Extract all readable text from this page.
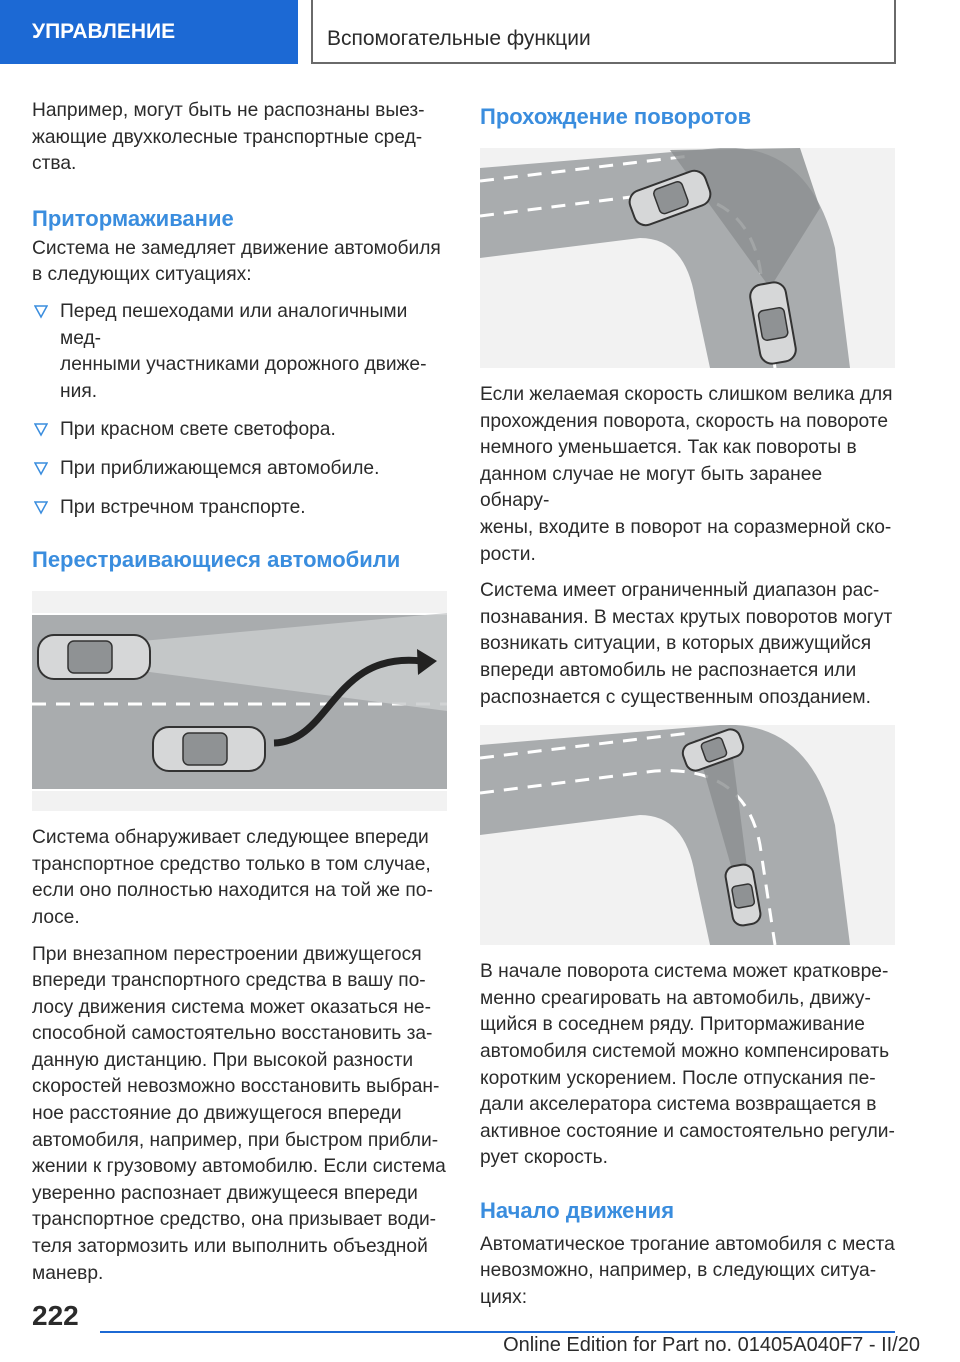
УПРАВЛЕНИЕ	Вспомогательные функции

Например, могут быть не распознаны выез-
жающие двухколесные транспортные сред-
ства.

Притормаживание

Система не замедляет движение автомобиля
в следующих ситуациях:

Перед пешеходами или аналогичными мед-
ленными участниками дорожного движе-
ния.
При красном свете светофора.
При приближающемся автомобиле.
При встречном транспорте.
Перестраивающиеся автомобили

Система обнаруживает следующее впереди
транспортное средство только в том случае,
если оно полностью находится на той же по-
лосе.

При внезапном перестроении движущегося
впереди транспортного средства в вашу по-
лосу движения система может оказаться не-
способной самостоятельно восстановить за-
данную дистанцию. При высокой разности
скоростей невозможно восстановить выбран-
ное расстояние до движущегося впереди
автомобиля, например, при быстром прибли-
жении к грузовому автомобилю. Если система
уверенно распознает движущееся впереди
транспортное средство, она призывает води-
теля затормозить или выполнить объездной
маневр.

Прохождение поворотов

Если желаемая скорость слишком велика для
прохождения поворота, скорость на повороте
немного уменьшается. Так как повороты в
данном случае не могут быть заранее обнару-
жены, входите в поворот на соразмерной ско-
рости.

Система имеет ограниченный диапазон рас-
познавания. В местах крутых поворотов могут
возникать ситуации, в которых движущийся
впереди автомобиль не распознается или
распознается с существенным опозданием.

В начале поворота система может кратковре-
менно среагировать на автомобиль, движу-
щийся в соседнем ряду. Притормаживание
автомобиля системой можно компенсировать
коротким ускорением. После отпускания пе-
дали акселератора система возвращается в
активное состояние и самостоятельно регули-
рует скорость.

Начало движения

Автоматическое трогание автомобиля с места
невозможно, например, в следующих ситуа-
циях:

222
Online Edition for Part no. 01405A040F7 - II/20
